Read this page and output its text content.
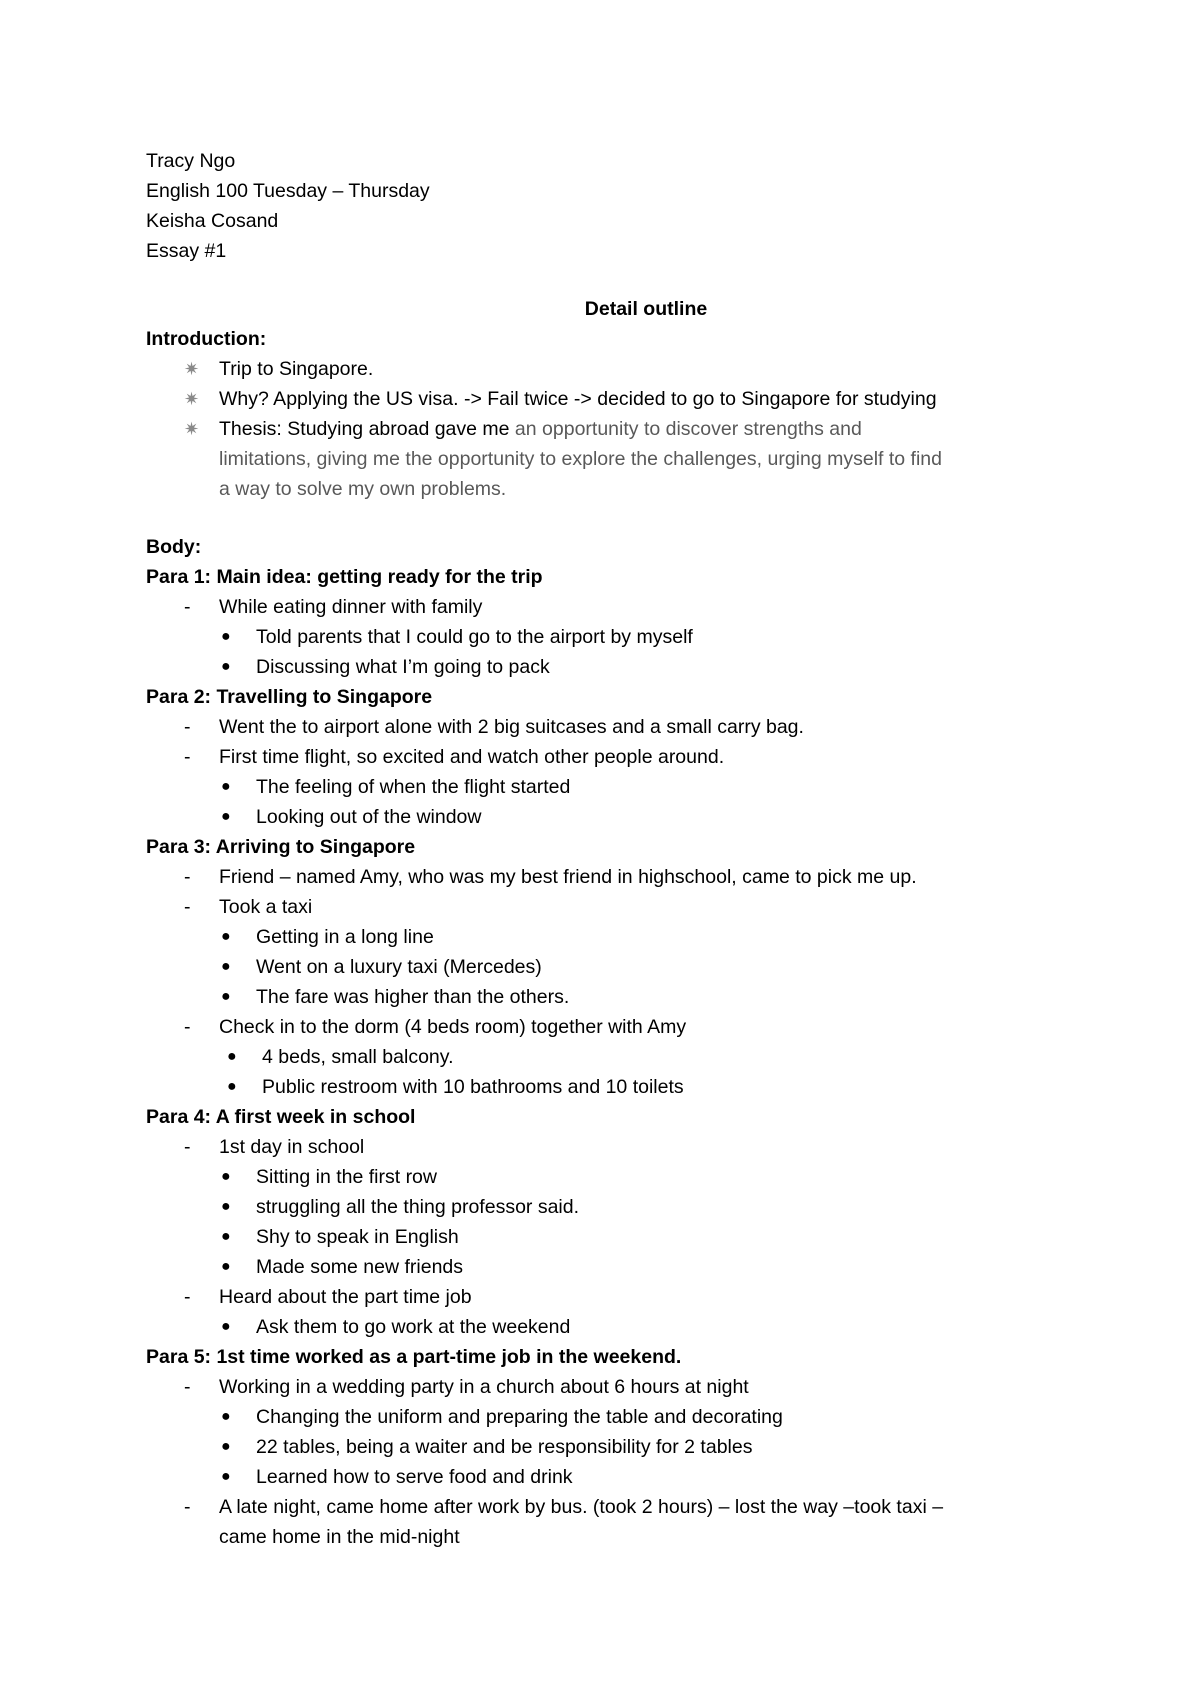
Tracy Ngo
English 100 Tuesday – Thursday
Keisha Cosand
Essay #1
Detail outline
Introduction:
✷ Trip to Singapore.
✷ Why? Applying the US visa. -> Fail twice -> decided to go to Singapore for studying
✷ Thesis: Studying abroad gave me an opportunity to discover strengths and
limitations, giving me the opportunity to explore the challenges, urging myself to find
a way to solve my own problems.
Body:
Para 1: Main idea: getting ready for the trip
- While eating dinner with family
● Told parents that I could go to the airport by myself
● Discussing what I’m going to pack
Para 2: Travelling to Singapore
- Went the to airport alone with 2 big suitcases and a small carry bag.
- First time flight, so excited and watch other people around.
● The feeling of when the flight started
● Looking out of the window
Para 3: Arriving to Singapore
- Friend – named Amy, who was my best friend in highschool, came to pick me up.
- Took a taxi
● Getting in a long line
● Went on a luxury taxi (Mercedes)
● The fare was higher than the others.
- Check in to the dorm (4 beds room) together with Amy
● 4 beds, small balcony.
● Public restroom with 10 bathrooms and 10 toilets
Para 4: A first week in school
- 1st day in school
● Sitting in the first row
● struggling all the thing professor said.
● Shy to speak in English
● Made some new friends
- Heard about the part time job
● Ask them to go work at the weekend
Para 5: 1st time worked as a part-time job in the weekend.
- Working in a wedding party in a church about 6 hours at night
● Changing the uniform and preparing the table and decorating
● 22 tables, being a waiter and be responsibility for 2 tables
● Learned how to serve food and drink
- A late night, came home after work by bus. (took 2 hours) – lost the way –took taxi –
came home in the mid-night
